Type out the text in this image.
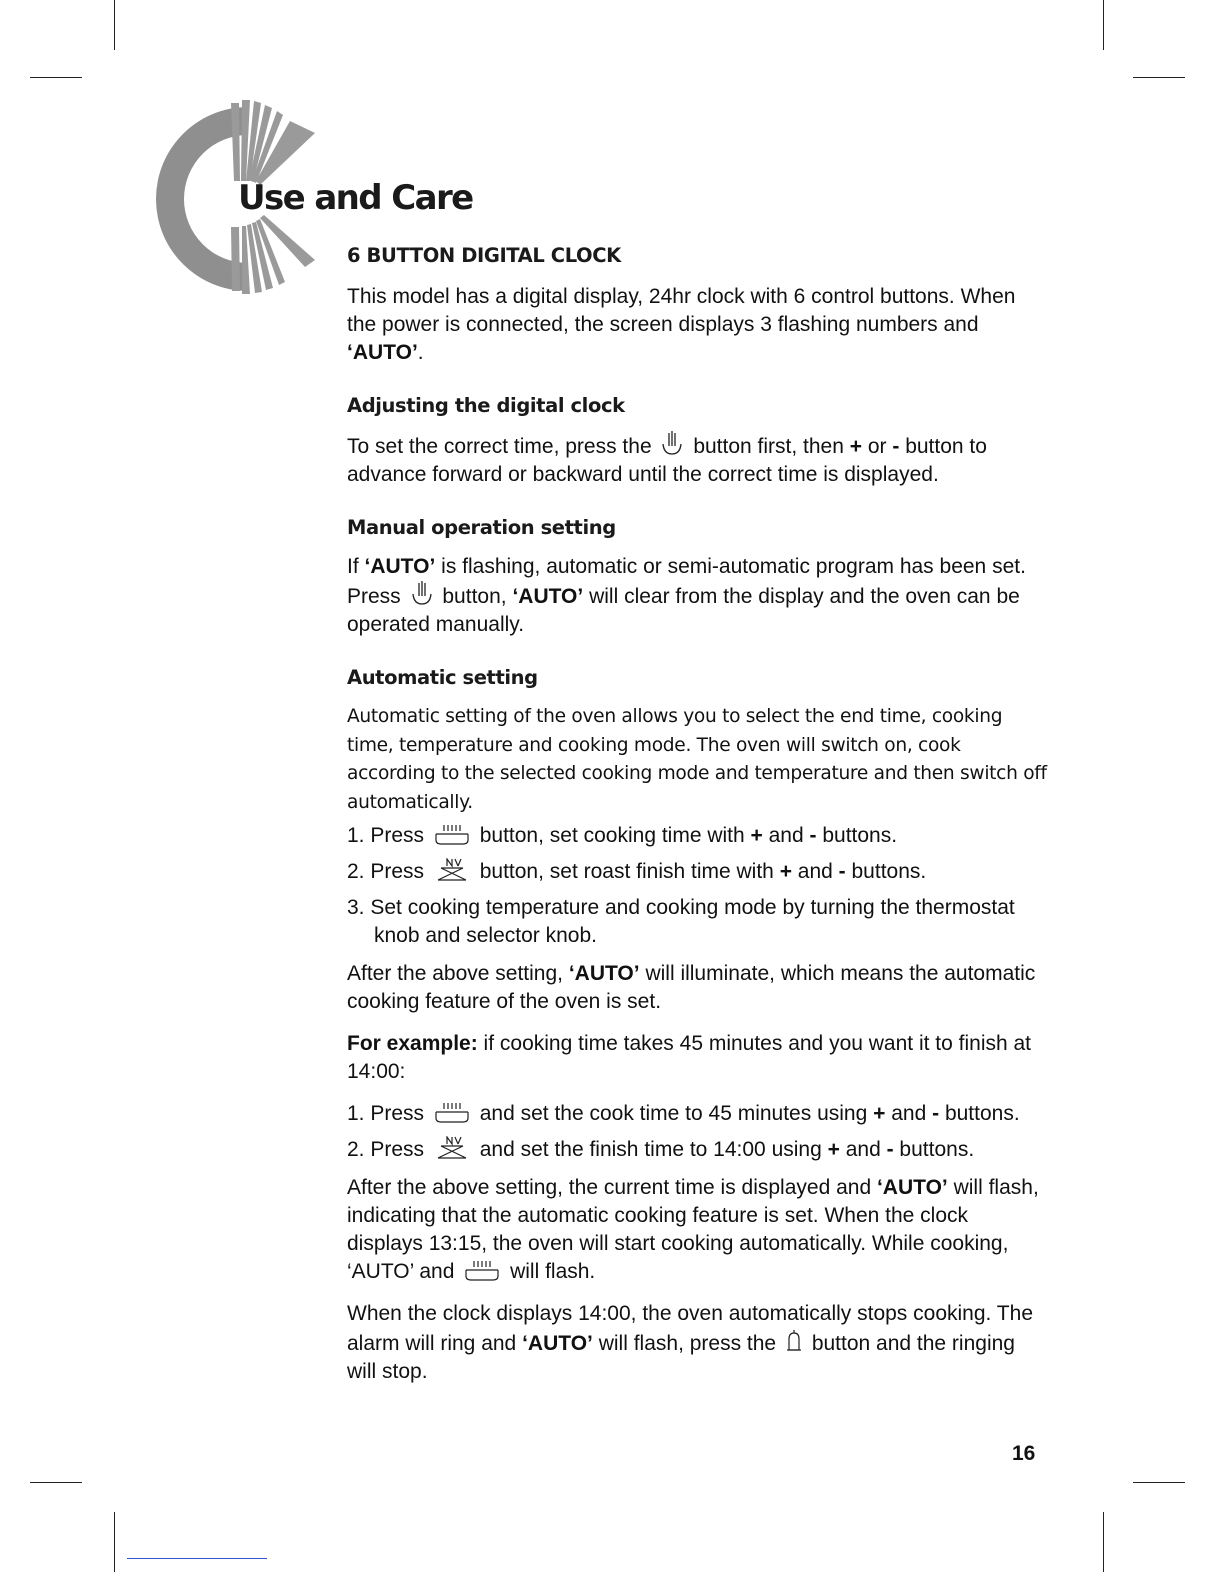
Use and Care
6 BUTTON DIGITAL CLOCK

This model has a digital display, 24hr clock with 6 control buttons. When the power is connected, the screen displays 3 flashing numbers and ‘AUTO’.

Adjusting the digital clock

To set the correct time, press the button first, then + or - button to advance forward or backward until the correct time is displayed.

Manual operation setting

If ‘AUTO’ is flashing, automatic or semi-automatic program has been set. Press button, ‘AUTO’ will clear from the display and the oven can be operated manually.

Automatic setting

Automatic setting of the oven allows you to select the end time, cooking time, temperature and cooking mode. The oven will switch on, cook according to the selected cooking mode and temperature and then switch off automatically.

1. Press	button, set cooking time with + and - buttons.
2. Press	button, set roast finish time with + and - buttons.
3. Set cooking temperature and cooking mode by turning the thermostat knob and selector knob.

After the above setting, ‘AUTO’ will illuminate, which means the automatic cooking feature of the oven is set.

For example: if cooking time takes 45 minutes and you want it to finish at 14:00:

1. Press	and set the cook time to 45 minutes using + and - buttons.
2. Press	and set the finish time to 14:00 using + and - buttons.

After the above setting, the current time is displayed and ‘AUTO’ will flash, indicating that the automatic cooking feature is set. When the clock displays 13:15, the oven will start cooking automatically. While cooking, ‘AUTO’ and	will flash.

When the clock displays 14:00, the oven automatically stops cooking. The alarm will ring and ‘AUTO’ will flash, press the button and the ringing will stop.

16
